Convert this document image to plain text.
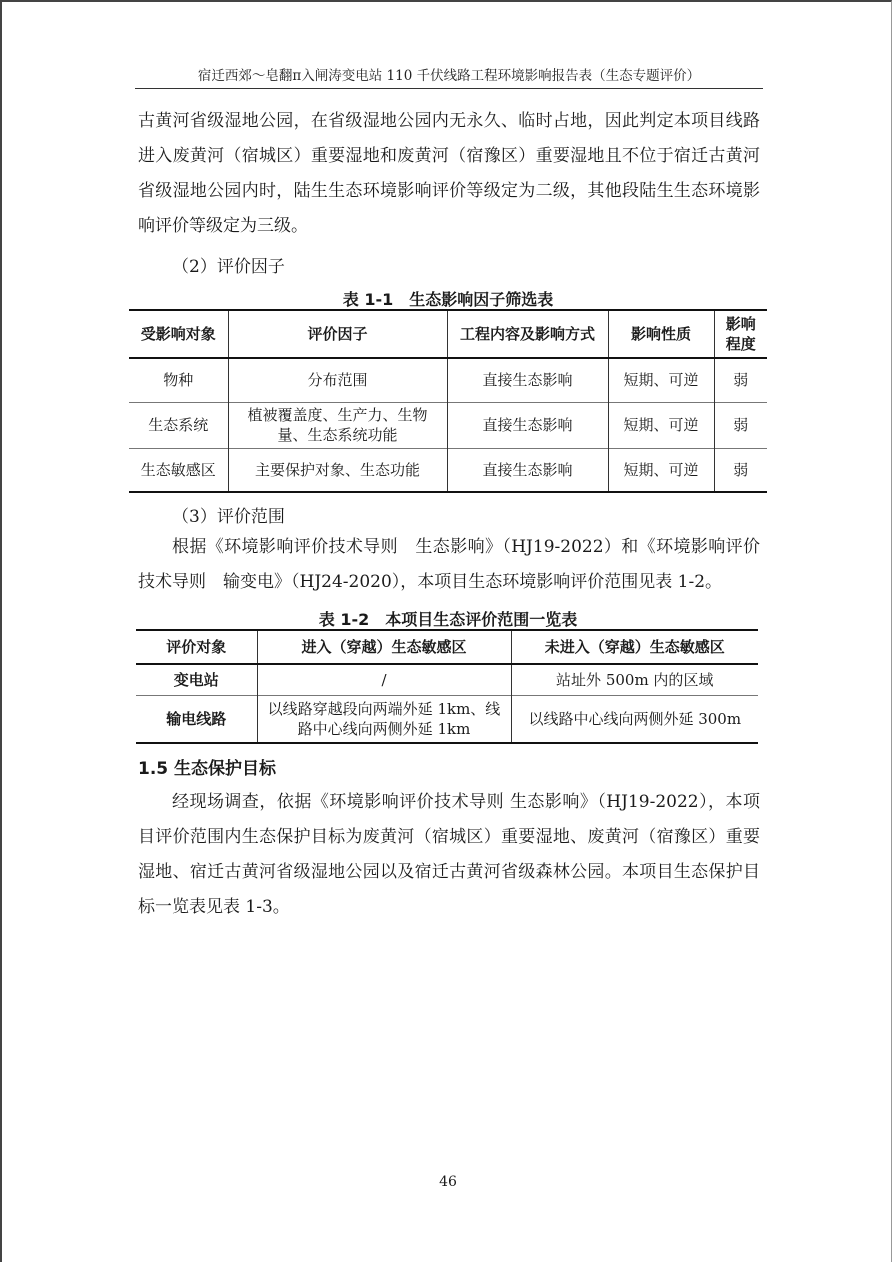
宿迁西郊～皂翻π入闸涛变电站 110 千伏线路工程环境影响报告表（生态专题评价）
古黄河省级湿地公园，在省级湿地公园内无永久、临时占地，因此判定本项目线路进入废黄河（宿城区）重要湿地和废黄河（宿豫区）重要湿地且不位于宿迁古黄河省级湿地公园内时，陆生生态环境影响评价等级定为二级，其他段陆生生态环境影响评价等级定为三级。
（2）评价因子
表 1-1　生态影响因子筛选表
受影响对象	评价因子	工程内容及影响方式	影响性质	影响程度
物种	分布范围	直接生态影响	短期、可逆	弱
生态系统	植被覆盖度、生产力、生物量、生态系统功能	直接生态影响	短期、可逆	弱
生态敏感区	主要保护对象、生态功能	直接生态影响	短期、可逆	弱
（3）评价范围
根据《环境影响评价技术导则　生态影响》（HJ19-2022）和《环境影响评价技术导则　输变电》（HJ24-2020），本项目生态环境影响评价范围见表 1-2。
表 1-2　本项目生态评价范围一览表
评价对象	进入（穿越）生态敏感区	未进入（穿越）生态敏感区
变电站	/	站址外 500m 内的区域
输电线路	以线路穿越段向两端外延 1km、线路中心线向两侧外延 1km	以线路中心线向两侧外延 300m
1.5 生态保护目标
经现场调查，依据《环境影响评价技术导则 生态影响》（HJ19-2022），本项目评价范围内生态保护目标为废黄河（宿城区）重要湿地、废黄河（宿豫区）重要湿地、宿迁古黄河省级湿地公园以及宿迁古黄河省级森林公园。本项目生态保护目标一览表见表 1-3。
46
